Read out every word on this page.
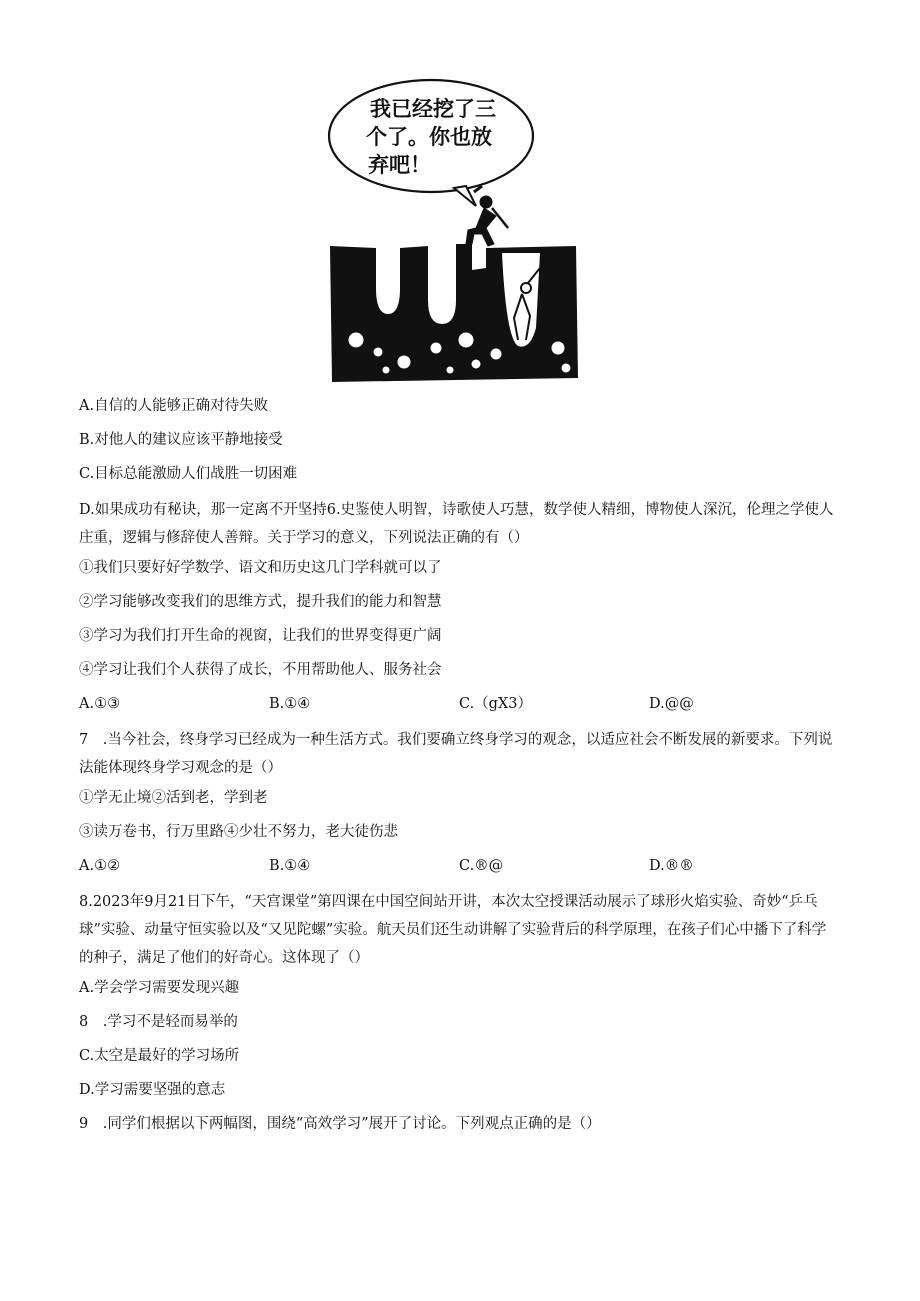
我已经挖了三
个了。你也放
弃吧！
A.自信的人能够正确对待失败
B.对他人的建议应该平静地接受
C.目标总能激励人们战胜一切困难
D.如果成功有秘诀，那一定离不开坚持6.史鉴使人明智，诗歌使人巧慧，数学使人精细，博物使人深沉，伦理之学使人庄重，逻辑与修辞使人善辩。关于学习的意义，下列说法正确的有（）
①我们只要好好学数学、语文和历史这几门学科就可以了
②学习能够改变我们的思维方式，提升我们的能力和智慧
③学习为我们打开生命的视窗，让我们的世界变得更广阔
④学习让我们个人获得了成长，不用帮助他人、服务社会
A.①③	B.①④	C.（gX3）	D.@@
7　.当今社会，终身学习已经成为一种生活方式。我们要确立终身学习的观念，以适应社会不断发展的新要求。下列说法能体现终身学习观念的是（）
①学无止境②活到老，学到老
③读万卷书，行万里路④少壮不努力，老大徒伤悲
A.①②	B.①④	C.®@	D.®®
8.2023年9月21日下午，“天宫课堂”第四课在中国空间站开讲，本次太空授课活动展示了球形火焰实验、奇妙“乒乓球”实验、动量守恒实验以及“又见陀螺”实验。航天员们还生动讲解了实验背后的科学原理，在孩子们心中播下了科学的种子，满足了他们的好奇心。这体现了（）
A.学会学习需要发现兴趣
8　.学习不是轻而易举的
C.太空是最好的学习场所
D.学习需要坚强的意志
9　.同学们根据以下两幅图，围绕“高效学习”展开了讨论。下列观点正确的是（）
